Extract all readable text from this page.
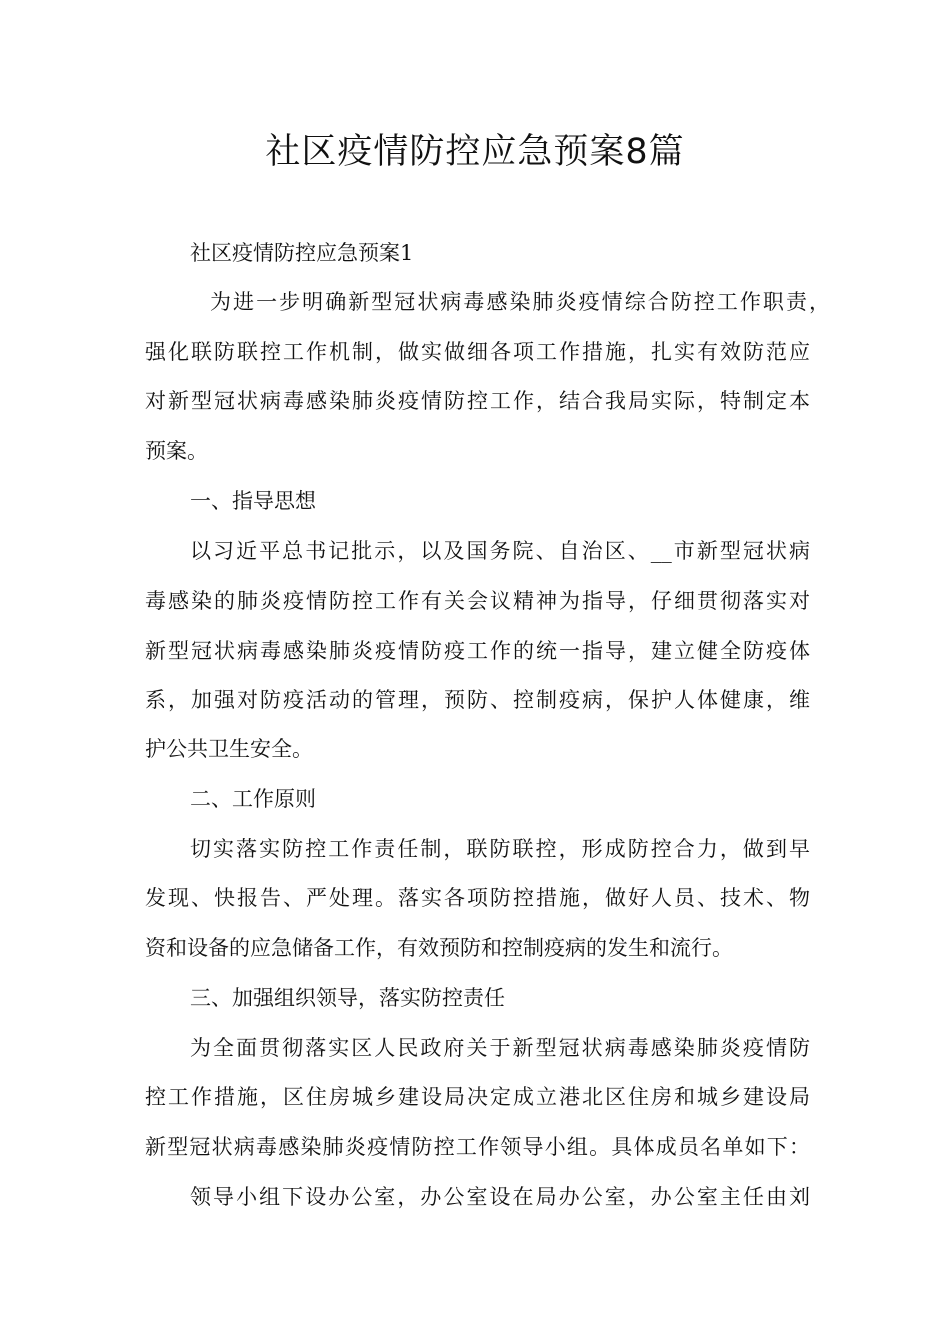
社区疫情防控应急预案8篇

社区疫情防控应急预案1

为进一步明确新型冠状病毒感染肺炎疫情综合防控工作职责，

强化联防联控工作机制，做实做细各项工作措施，扎实有效防范应

对新型冠状病毒感染肺炎疫情防控工作，结合我局实际，特制定本

预案。

一、指导思想

以习近平总书记批示，以及国务院、自治区、__市新型冠状病

毒感染的肺炎疫情防控工作有关会议精神为指导，仔细贯彻落实对

新型冠状病毒感染肺炎疫情防疫工作的统一指导，建立健全防疫体

系，加强对防疫活动的管理，预防、控制疫病，保护人体健康，维

护公共卫生安全。

二、工作原则

切实落实防控工作责任制，联防联控，形成防控合力，做到早

发现、快报告、严处理。落实各项防控措施，做好人员、技术、物

资和设备的应急储备工作，有效预防和控制疫病的发生和流行。

三、加强组织领导，落实防控责任

为全面贯彻落实区人民政府关于新型冠状病毒感染肺炎疫情防

控工作措施，区住房城乡建设局决定成立港北区住房和城乡建设局

新型冠状病毒感染肺炎疫情防控工作领导小组。具体成员名单如下：

领导小组下设办公室，办公室设在局办公室，办公室主任由刘
